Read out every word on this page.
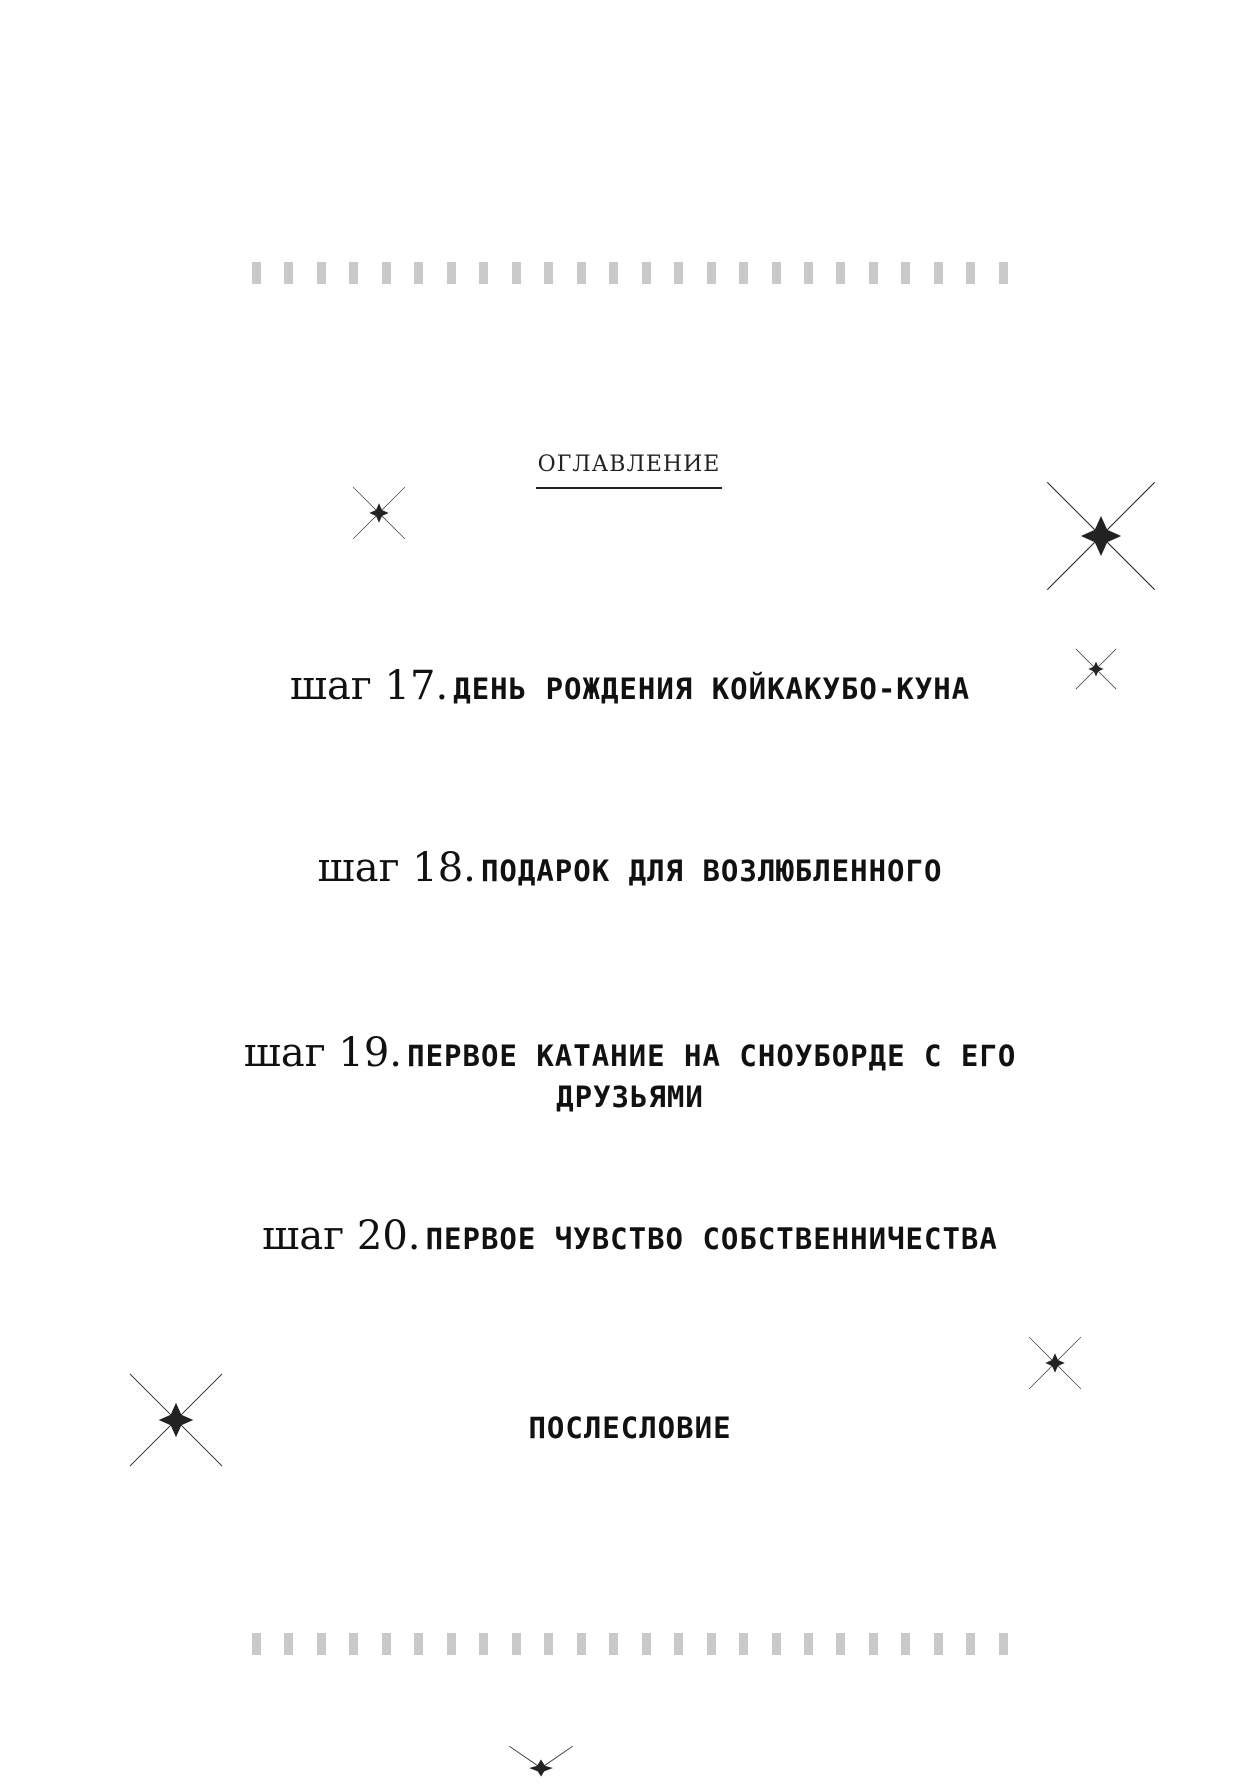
ОГЛАВЛЕНИЕ
шаг 17. ДЕНЬ РОЖДЕНИЯ КОЙКАКУБО-КУНА
шаг 18. ПОДАРОК ДЛЯ ВОЗЛЮБЛЕННОГО
шаг 19. ПЕРВОЕ КАТАНИЕ НА СНОУБОРДЕ С ЕГО ДРУЗЬЯМИ
шаг 20. ПЕРВОЕ ЧУВСТВО СОБСТВЕННИЧЕСТВА
ПОСЛЕСЛОВИЕ
